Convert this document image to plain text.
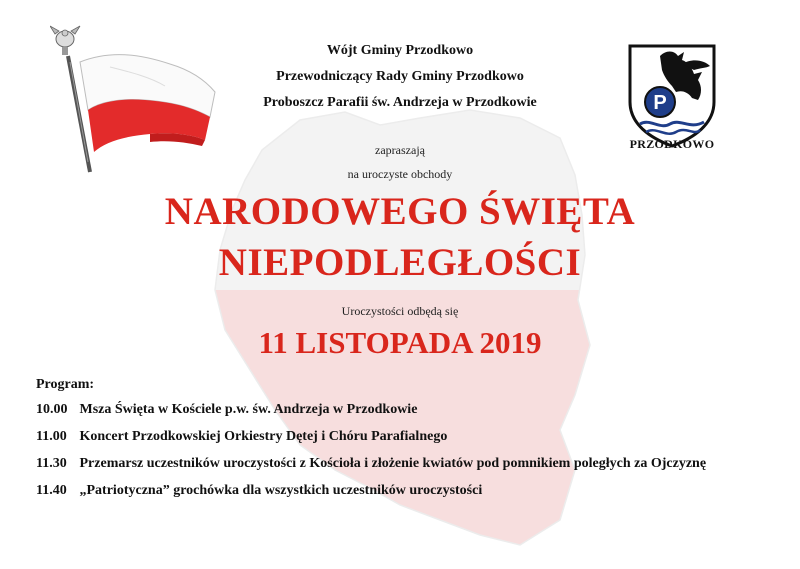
P
PRZODKOWO
Wójt Gminy Przodkowo
Przewodniczący Rady Gminy Przodkowo
Proboszcz Parafii św. Andrzeja w Przodkowie
zapraszają
na uroczyste obchody
NARODOWEGO ŚWIĘTA
NIEPODLEGŁOŚCI
Uroczystości odbędą się
11 LISTOPADA 2019
Program:
10.00 Msza Święta w Kościele p.w. św. Andrzeja w Przodkowie
11.00 Koncert Przodkowskiej Orkiestry Dętej i Chóru Parafialnego
11.30 Przemarsz uczestników uroczystości z Kościoła i złożenie kwiatów pod pomnikiem poległych za Ojczyznę
11.40 „Patriotyczna” grochówka dla wszystkich uczestników uroczystości
